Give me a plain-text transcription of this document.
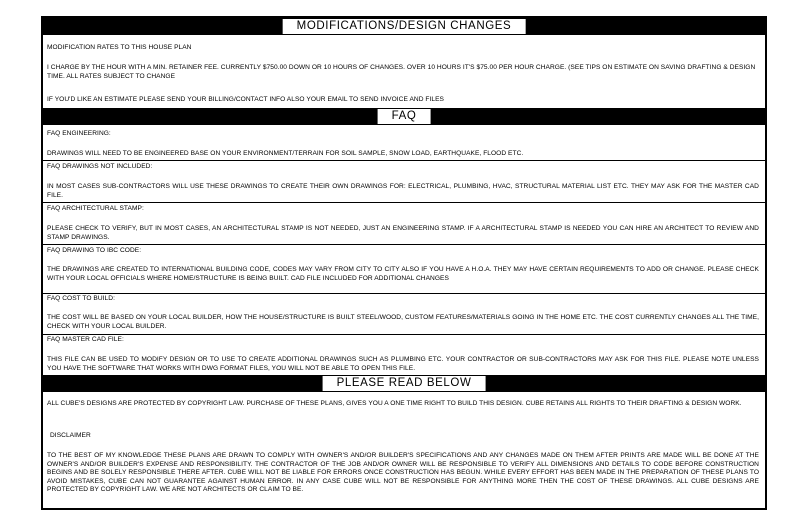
MODIFICATIONS/DESIGN CHANGES
MODIFICATION RATES TO THIS HOUSE PLAN
I CHARGE BY THE HOUR WITH A MIN. RETAINER FEE. CURRENTLY $750.00 DOWN OR 10 HOURS OF CHANGES. OVER 10 HOURS IT'S $75.00 PER HOUR CHARGE. (SEE TIPS ON ESTIMATE ON SAVING DRAFTING & DESIGN TIME. ALL RATES SUBJECT TO CHANGE
IF YOU'D LIKE AN ESTIMATE PLEASE SEND YOUR BILLING/CONTACT INFO ALSO YOUR EMAIL TO SEND INVOICE AND FILES
FAQ
FAQ ENGINEERING:
DRAWINGS WILL NEED TO BE ENGINEERED BASE ON YOUR ENVIRONMENT/TERRAIN FOR SOIL SAMPLE, SNOW LOAD, EARTHQUAKE, FLOOD ETC.
FAQ DRAWINGS NOT INCLUDED:
IN MOST CASES SUB-CONTRACTORS WILL USE THESE DRAWINGS TO CREATE THEIR OWN DRAWINGS FOR: ELECTRICAL, PLUMBING, HVAC, STRUCTURAL MATERIAL LIST ETC. THEY MAY ASK FOR THE MASTER CAD FILE.
FAQ ARCHITECTURAL STAMP:
PLEASE CHECK TO VERIFY, BUT IN MOST CASES, AN ARCHITECTURAL STAMP IS NOT NEEDED, JUST AN ENGINEERING STAMP. IF A ARCHITECTURAL STAMP IS NEEDED YOU CAN HIRE AN ARCHITECT TO REVIEW AND STAMP DRAWINGS.
FAQ DRAWING TO IBC CODE:
THE DRAWINGS ARE CREATED TO INTERNATIONAL BUILDING CODE, CODES MAY VARY FROM CITY TO CITY ALSO IF YOU HAVE A H.O.A. THEY MAY HAVE CERTAIN REQUIREMENTS TO ADD OR CHANGE. PLEASE CHECK WITH YOUR LOCAL OFFICIALS WHERE HOME/STRUCTURE IS BEING BUILT. CAD FILE INCLUDED FOR ADDITIONAL CHANGES
FAQ COST TO BUILD:
THE COST WILL BE BASED ON YOUR LOCAL BUILDER, HOW THE HOUSE/STRUCTURE IS BUILT STEEL/WOOD, CUSTOM FEATURES/MATERIALS GOING IN THE HOME ETC. THE COST CURRENTLY CHANGES ALL THE TIME, CHECK WITH YOUR LOCAL BUILDER.
FAQ MASTER CAD FILE:
THIS FILE CAN BE USED TO MODIFY DESIGN OR TO USE TO CREATE ADDITIONAL DRAWINGS SUCH AS PLUMBING ETC. YOUR CONTRACTOR OR SUB-CONTRACTORS MAY ASK FOR THIS FILE. PLEASE NOTE UNLESS YOU HAVE THE SOFTWARE THAT WORKS WITH DWG FORMAT FILES, YOU WILL NOT BE ABLE TO OPEN THIS FILE.
PLEASE READ BELOW
ALL CUBE'S DESIGNS ARE PROTECTED BY COPYRIGHT LAW. PURCHASE OF THESE PLANS, GIVES YOU A ONE TIME RIGHT TO BUILD THIS DESIGN. CUBE RETAINS ALL RIGHTS TO THEIR DRAFTING & DESIGN WORK.
DISCLAIMER
TO THE BEST OF MY KNOWLEDGE THESE PLANS ARE DRAWN TO COMPLY WITH OWNER'S AND/OR BUILDER'S SPECIFICATIONS AND ANY CHANGES MADE ON THEM AFTER PRINTS ARE MADE WILL BE DONE AT THE OWNER'S AND/OR BUILDER'S EXPENSE AND RESPONSIBILITY. THE CONTRACTOR OF THE JOB AND/OR OWNER WILL BE RESPONSIBLE TO VERIFY ALL DIMENSIONS AND DETAILS TO CODE BEFORE CONSTRUCTION BEGINS AND BE SOLELY RESPONSIBLE THERE AFTER. CUBE WILL NOT BE LIABLE FOR ERRORS ONCE CONSTRUCTION HAS BEGUN. WHILE EVERY EFFORT HAS BEEN MADE IN THE PREPARATION OF THESE PLANS TO AVOID MISTAKES, CUBE CAN NOT GUARANTEE AGAINST HUMAN ERROR. IN ANY CASE CUBE WILL NOT BE RESPONSIBLE FOR ANYTHING MORE THEN THE COST OF THESE DRAWINGS. ALL CUBE DESIGNS ARE PROTECTED BY COPYRIGHT LAW. WE ARE NOT ARCHITECTS OR CLAIM TO BE.
